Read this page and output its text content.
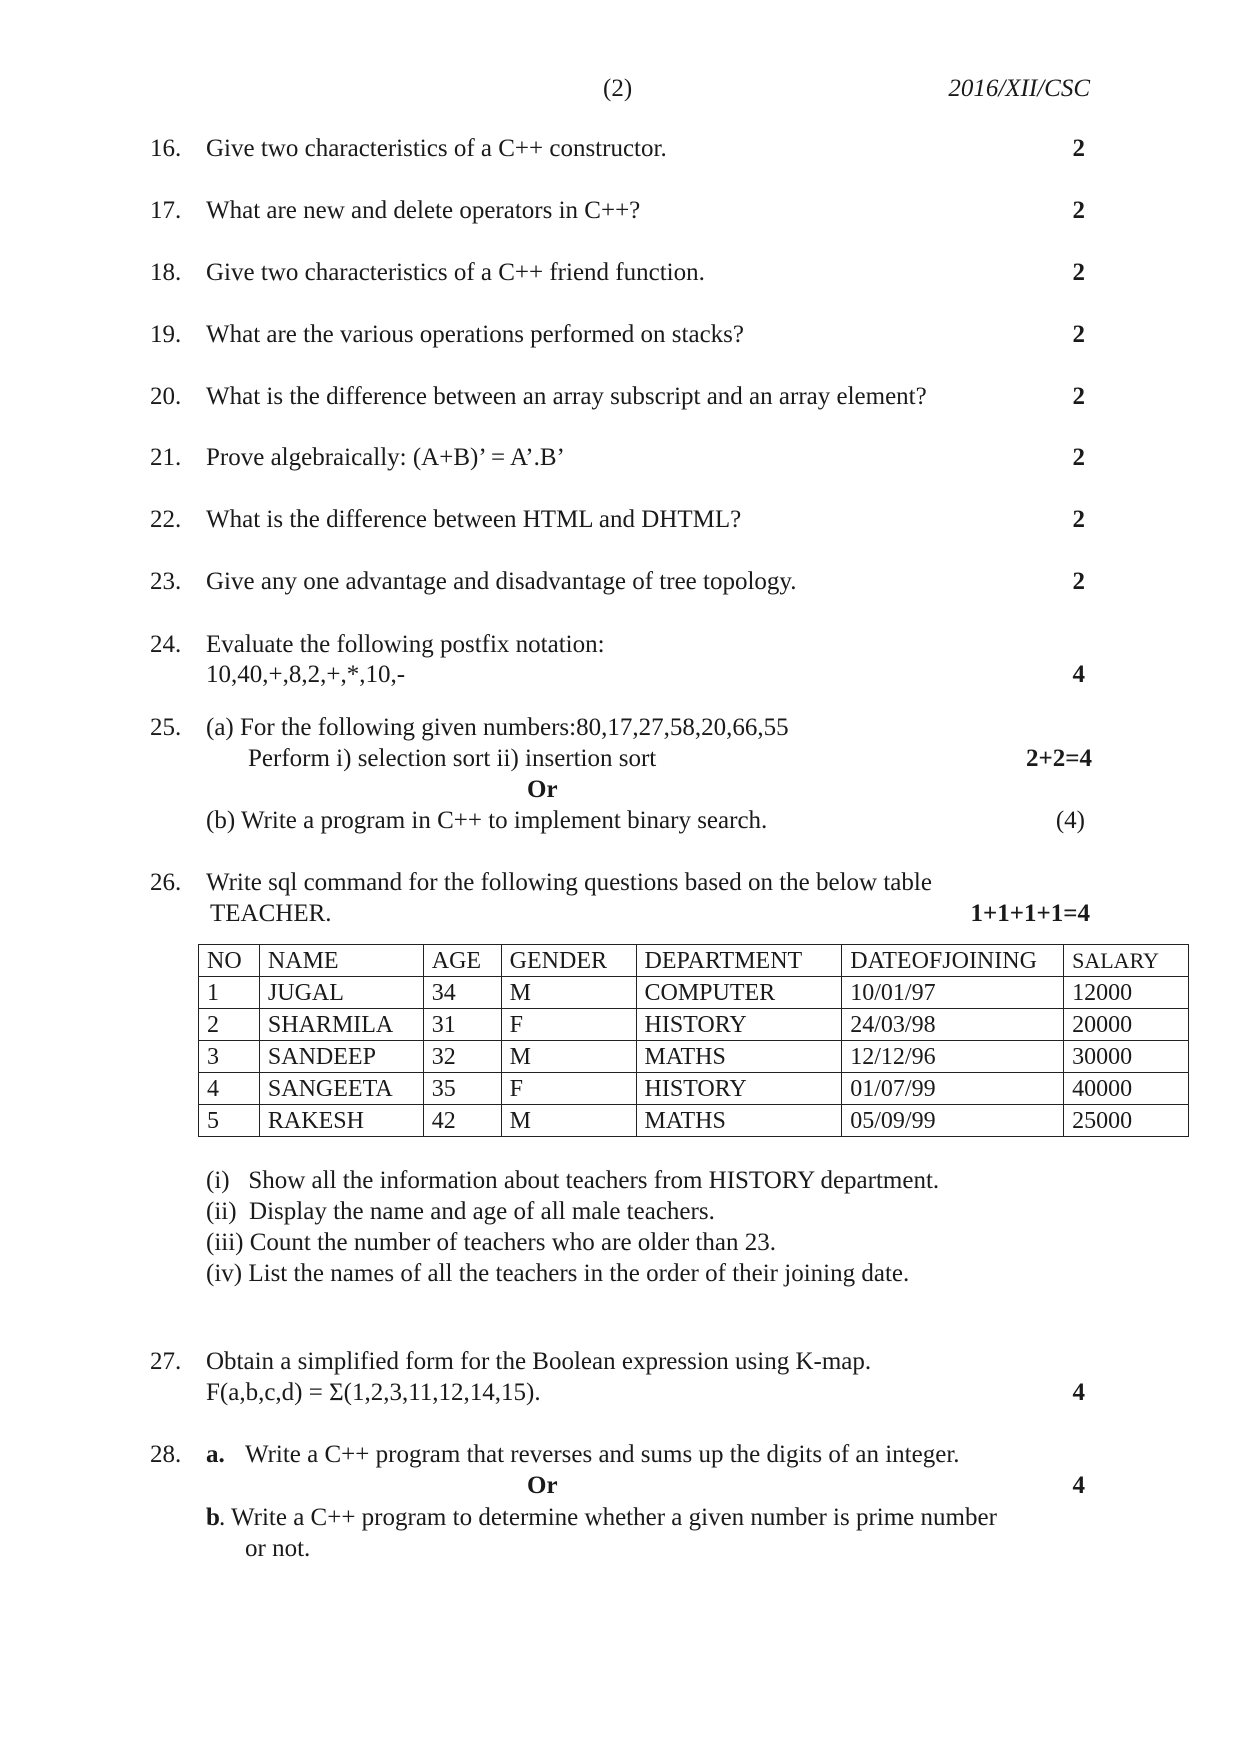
(2)	2016/XII/CSC
16. Give two characteristics of a C++ constructor.	2
17. What are new and delete operators in C++?	2
18. Give two characteristics of a C++ friend function.	2
19. What are the various operations performed on stacks?	2
20. What is the difference between an array subscript and an array element?	2
21. Prove algebraically: (A+B)’ = A’.B’	2
22. What is the difference between HTML and DHTML?	2
23. Give any one advantage and disadvantage of tree topology.	2
24. Evaluate the following postfix notation:
10,40,+,8,2,+,*,10,-	4
25. (a) For the following given numbers:80,17,27,58,20,66,55
Perform i) selection sort ii) insertion sort	2+2=4
Or
(b) Write a program in C++ to implement binary search.	(4)
26. Write sql command for the following questions based on the below table
TEACHER.	1+1+1+1=4
NO	NAME	AGE	GENDER	DEPARTMENT	DATEOFJOINING	SALARY
1	JUGAL	34	M	COMPUTER	10/01/97	12000
2	SHARMILA	31	F	HISTORY	24/03/98	20000
3	SANDEEP	32	M	MATHS	12/12/96	30000
4	SANGEETA	35	F	HISTORY	01/07/99	40000
5	RAKESH	42	M	MATHS	05/09/99	25000
(i)   Show all the information about teachers from HISTORY department.
(ii)  Display the name and age of all male teachers.
(iii) Count the number of teachers who are older than 23.
(iv) List the names of all the teachers in the order of their joining date.
27. Obtain a simplified form for the Boolean expression using K-map.
F(a,b,c,d) = Σ(1,2,3,11,12,14,15).	4
28. a. Write a C++ program that reverses and sums up the digits of an integer.
Or	4
b . Write a C++ program to determine whether a given number is prime number
or not.
